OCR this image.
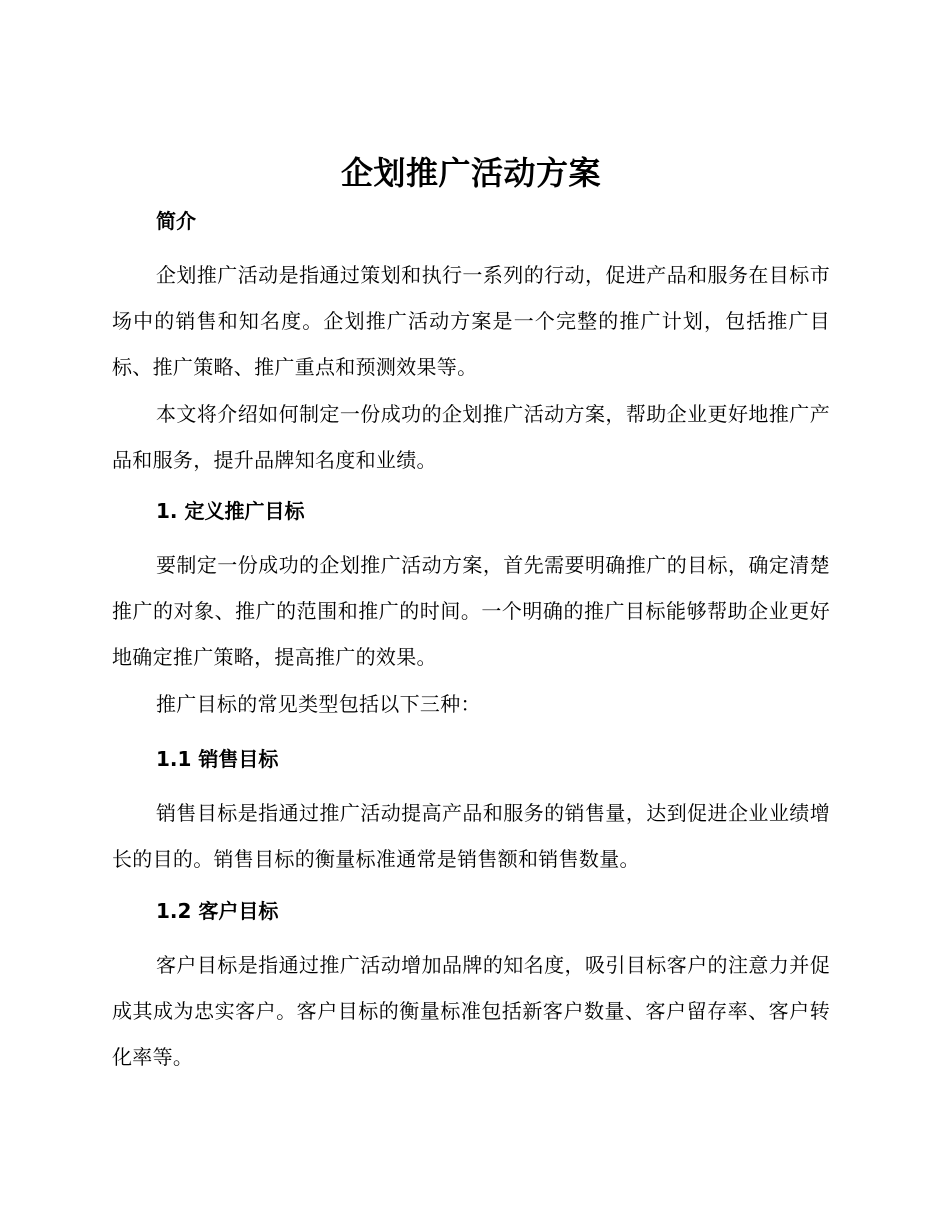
企划推广活动方案
简介

企划推广活动是指通过策划和执行一系列的行动，促进产品和服务在目标市场中的销售和知名度。企划推广活动方案是一个完整的推广计划，包括推广目标、推广策略、推广重点和预测效果等。

本文将介绍如何制定一份成功的企划推广活动方案，帮助企业更好地推广产品和服务，提升品牌知名度和业绩。

1. 定义推广目标

要制定一份成功的企划推广活动方案，首先需要明确推广的目标，确定清楚推广的对象、推广的范围和推广的时间。一个明确的推广目标能够帮助企业更好地确定推广策略，提高推广的效果。

推广目标的常见类型包括以下三种：

1.1 销售目标

销售目标是指通过推广活动提高产品和服务的销售量，达到促进企业业绩增长的目的。销售目标的衡量标准通常是销售额和销售数量。

1.2 客户目标

客户目标是指通过推广活动增加品牌的知名度，吸引目标客户的注意力并促成其成为忠实客户。客户目标的衡量标准包括新客户数量、客户留存率、客户转化率等。
